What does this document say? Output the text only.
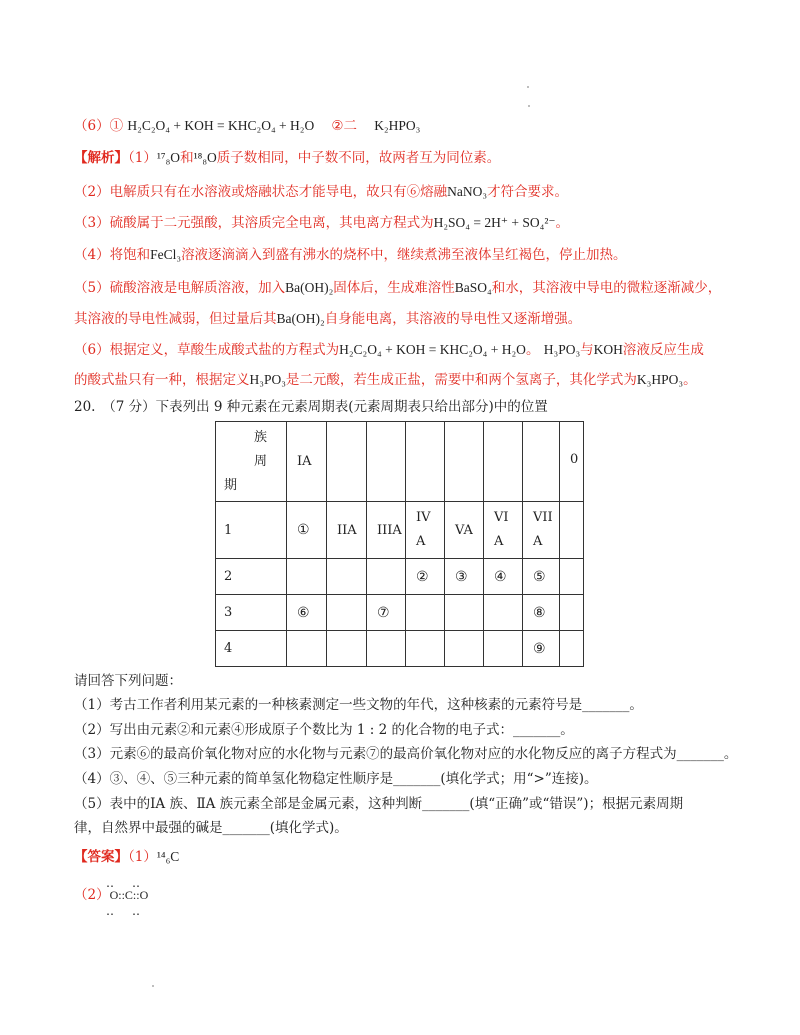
（6）① H₂C₂O₄ + KOH = KHC₂O₄ + H₂O ②二 K₂HPO₃
【解析】（1）¹⁷₈O和¹⁸₈O质子数相同，中子数不同，故两者互为同位素。
（2）电解质只有在水溶液或熔融状态才能导电，故只有⑥熔融NaNO₃才符合要求。
（3）硫酸属于二元强酸，其溶质完全电离，其电离方程式为H₂SO₄ = 2H⁺ + SO₄²⁻。
（4）将饱和FeCl₃溶液逐滴滴入到盛有沸水的烧杯中，继续煮沸至液体呈红褐色，停止加热。
（5）硫酸溶液是电解质溶液，加入Ba(OH)₂固体后，生成难溶性BaSO₄和水，其溶液中导电的微粒逐渐减少，
其溶液的导电性减弱，但过量后其Ba(OH)₂自身能电离，其溶液的导电性又逐渐增强。
（6）根据定义，草酸生成酸式盐的方程式为H₂C₂O₄ + KOH = KHC₂O₄ + H₂O。 H₃PO₃与KOH溶液反应生成
的酸式盐只有一种，根据定义H₃PO₃是二元酸，若生成正盐，需要中和两个氢离子，其化学式为K₃HPO₃。
20.　（7 分）下表列出 9 种元素在元素周期表(元素周期表只给出部分)中的位置
族
周
期	IA							0
1	①	IIA	IIIA	IV A	VA	VI A	VII A	
2				②	③	④	⑤	
3	⑥		⑦				⑧	
4							⑨	
请回答下列问题：
（1）考古工作者利用某元素的一种核素测定一些文物的年代，这种核素的元素符号是_______。
（2）写出由元素②和元素④形成原子个数比为 1 : 2 的化合物的电子式：_______。
（3）元素⑥的最高价氧化物对应的水化物与元素⑦的最高价氧化物对应的水化物反应的离子方程式为_______。
（4）③、④、⑤三种元素的简单氢化物稳定性顺序是_______(填化学式；用“>”连接)。
（5）表中的ⅠA 族、ⅡA 族元素全部是金属元素，这种判断_______(填“正确”或“错误”)；根据元素周期
律，自然界中最强的碱是_______(填化学式)。
【答案】（1）¹⁴₆C
‥　 ‥
（2）O::C::O
‥　 ‥
